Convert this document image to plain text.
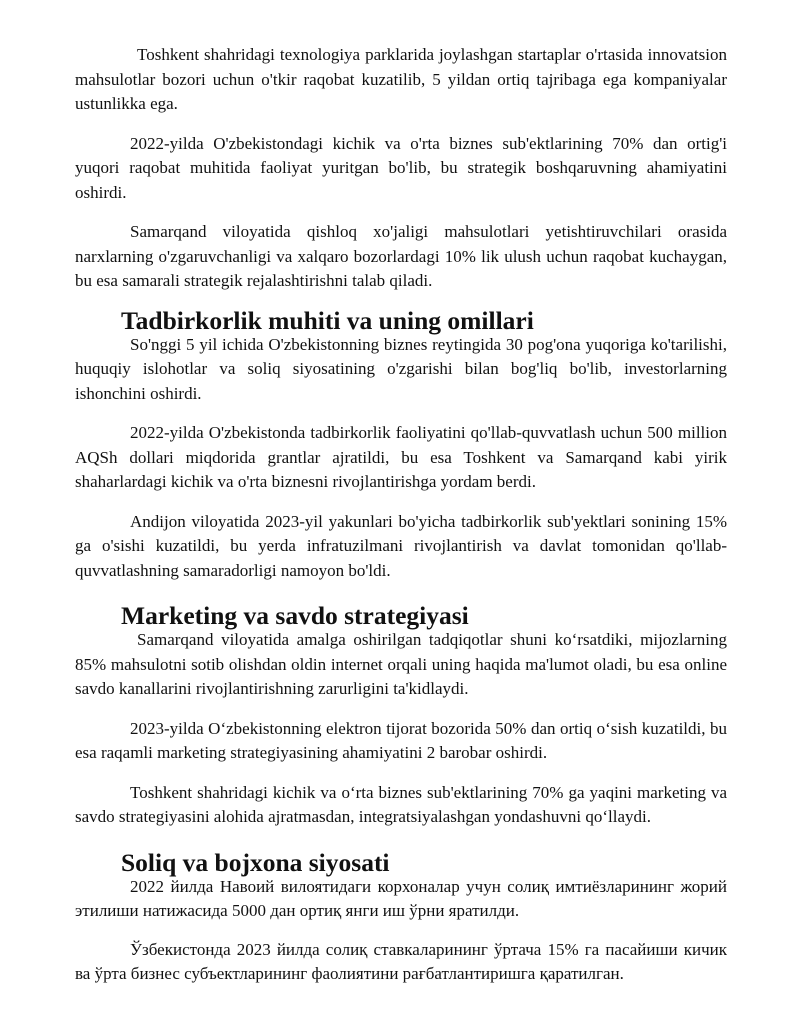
Toshkent shahridagi texnologiya parklarida joylashgan startaplar o'rtasida innovatsion mahsulotlar bozori uchun o'tkir raqobat kuzatilib, 5 yildan ortiq tajribaga ega kompaniyalar ustunlikka ega.

2022-yilda O'zbekistondagi kichik va o'rta biznes sub'ektlarining 70% dan ortig'i yuqori raqobat muhitida faoliyat yuritgan bo'lib, bu strategik boshqaruvning ahamiyatini oshirdi.

Samarqand viloyatida qishloq xo'jaligi mahsulotlari yetishtiruvchilari orasida narxlarning o'zgaruvchanligi va xalqaro bozorlardagi 10% lik ulush uchun raqobat kuchaygan, bu esa samarali strategik rejalashtirishni talab qiladi.

Tadbirkorlik muhiti va uning omillari

So'nggi 5 yil ichida O'zbekistonning biznes reytingida 30 pog'ona yuqoriga ko'tarilishi, huquqiy islohotlar va soliq siyosatining o'zgarishi bilan bog'liq bo'lib, investorlarning ishonchini oshirdi.

2022-yilda O'zbekistonda tadbirkorlik faoliyatini qo'llab-quvvatlash uchun 500 million AQSh dollari miqdorida grantlar ajratildi, bu esa Toshkent va Samarqand kabi yirik shaharlardagi kichik va o'rta biznesni rivojlantirishga yordam berdi.

Andijon viloyatida 2023-yil yakunlari bo'yicha tadbirkorlik sub'yektlari sonining 15% ga o'sishi kuzatildi, bu yerda infratuzilmani rivojlantirish va davlat tomonidan qo'llab-quvvatlashning samaradorligi namoyon bo'ldi.

Marketing va savdo strategiyasi

Samarqand viloyatida amalga oshirilgan tadqiqotlar shuni ko‘rsatdiki, mijozlarning 85% mahsulotni sotib olishdan oldin internet orqali uning haqida ma'lumot oladi, bu esa online savdo kanallarini rivojlantirishning zarurligini ta'kidlaydi.

2023-yilda O‘zbekistonning elektron tijorat bozorida 50% dan ortiq o‘sish kuzatildi, bu esa raqamli marketing strategiyasining ahamiyatini 2 barobar oshirdi.

Toshkent shahridagi kichik va o‘rta biznes sub'ektlarining 70% ga yaqini marketing va savdo strategiyasini alohida ajratmasdan, integratsiyalashgan yondashuvni qo‘llaydi.

Soliq va bojxona siyosati

2022 йилда Навоий вилоятидаги корхоналар учун солиқ имтиёзларининг жорий этилиши натижасида 5000 дан ортиқ янги иш ўрни яратилди.

Ўзбекистонда 2023 йилда солиқ ставкаларининг ўртача 15% га пасайиши кичик ва ўрта бизнес субъектларининг фаолиятини рағбатлантиришга қаратилган.
